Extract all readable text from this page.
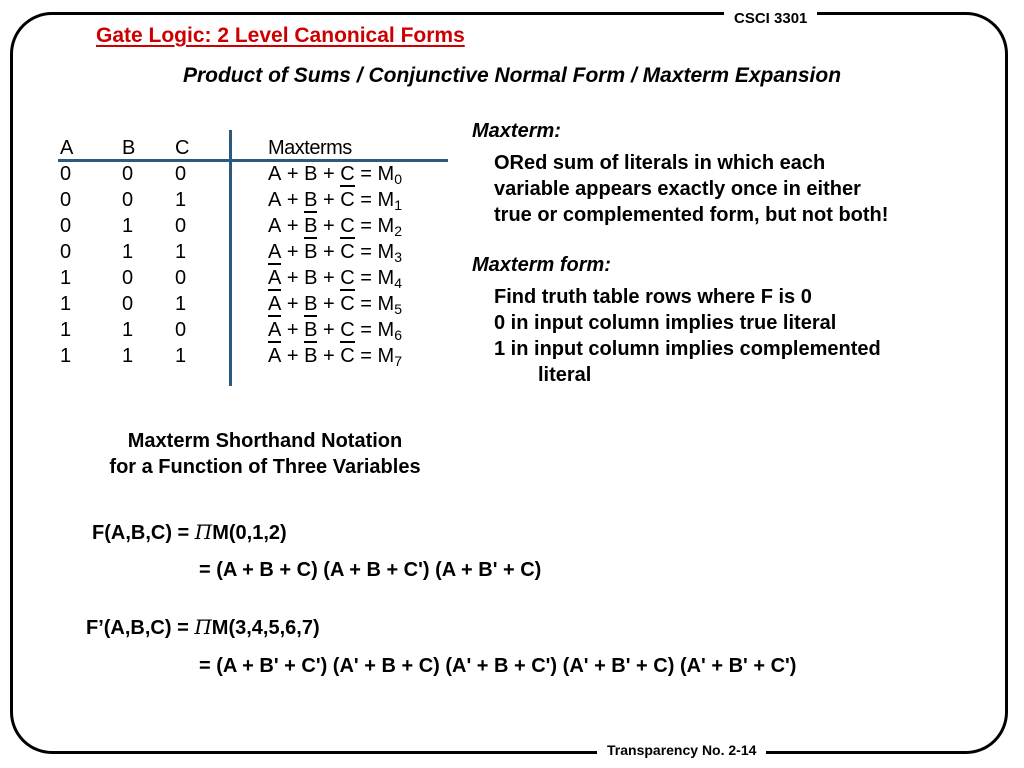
CSCI 3301
Gate Logic: 2 Level Canonical Forms
Product of Sums / Conjunctive Normal Form / Maxterm Expansion
A B C	Maxterms
0	0 0	$A + B + C = M_0$
0	0 1	$A + B + C = M_1$
0	1 0	$A + B + C = M_2$
0	1 1	$A + B + C = M_3$
1	0 0	$A + B + C = M_4$
1	0 1	$A + B + C = M_5$
1	1 0	$A + B + C = M_6$
1	1 1	$A + B + C = M_7$
Maxterm:
ORed sum of literals in which each
variable appears exactly once in either
true or complemented form, but not both!
Maxterm form:
Find truth table rows where F is 0
0 in input column implies true literal
1 in input column implies complemented
literal
Maxterm Shorthand Notation
for a Function of Three Variables
F(A,B,C) = ΠM(0,1,2)
= (A + B + C) (A + B + C') (A + B' + C)
F’(A,B,C) = ΠM(3,4,5,6,7)
= (A + B' + C') (A' + B + C) (A' + B + C') (A' + B' + C) (A' + B' + C')
Transparency No. 2-14
